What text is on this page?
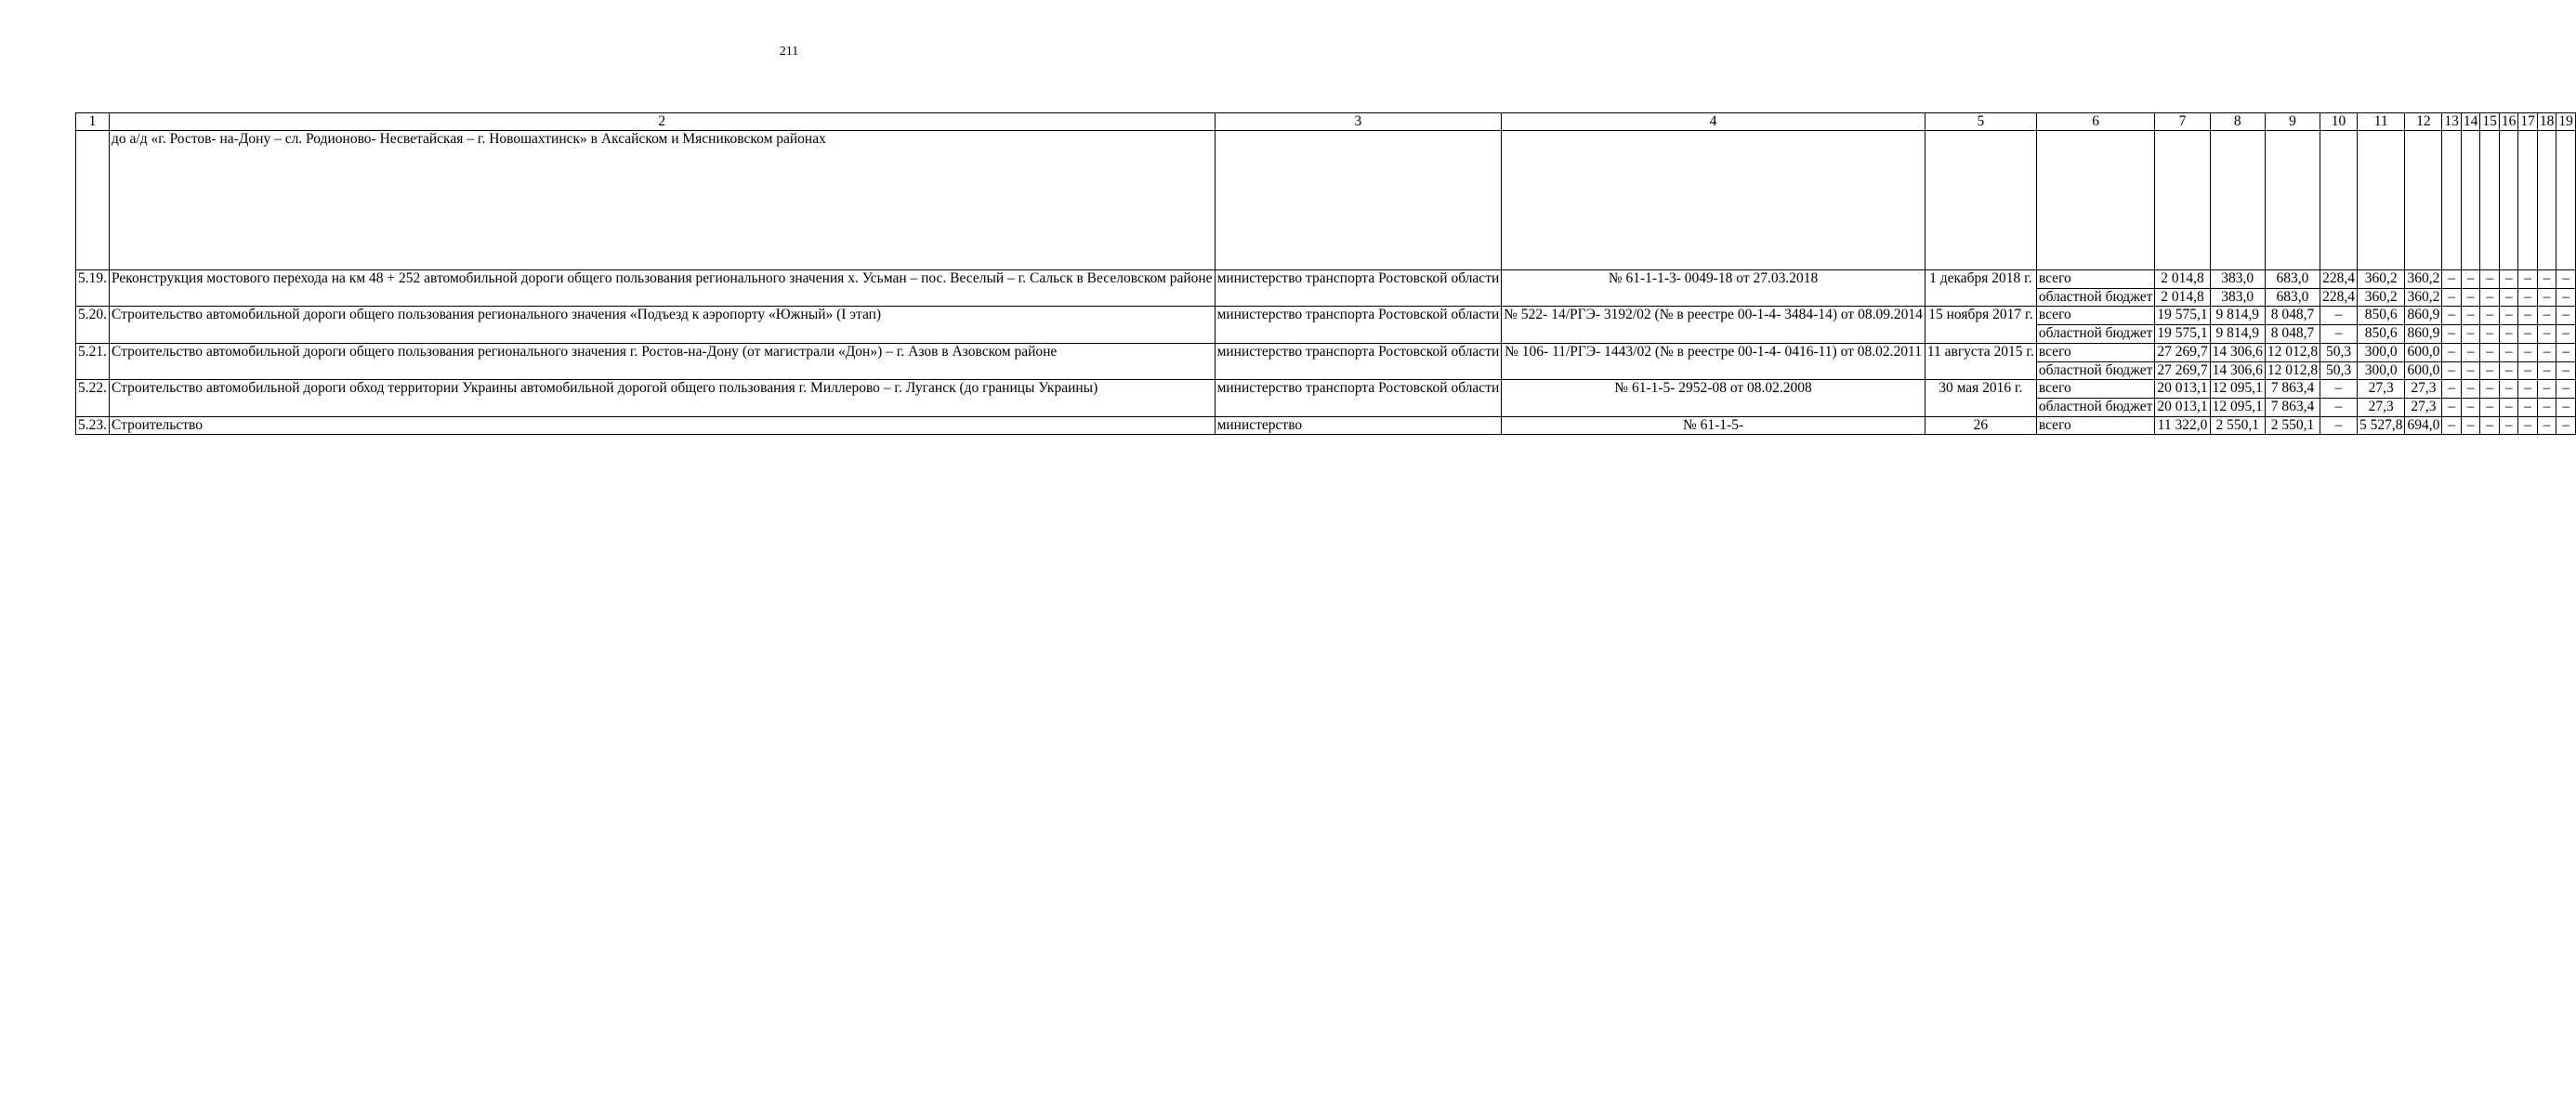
211
1	2	3	4	5	6	7	8	9	10	11	12	13	14	15	16	17	18	19
	до а/д «г. Ростов- на-Дону – сл. Родионово- Несветайская – г. Новошахтинск» в Аксайском и Мясниковском районах																	
5.19.	Реконструкция мостового перехода на км 48 + 252 автомобильной дороги общего пользования регионального значения х. Усьман – пос. Веселый – г. Сальск в Веселовском районе	министерство транспорта Ростовской области	№ 61-1-1-3- 0049-18 от 27.03.2018	1 декабря 2018 г.	всего	2 014,8	383,0	683,0	228,4	360,2	360,2	–	–	–	–	–	–	–
					областной бюджет	2 014,8	383,0	683,0	228,4	360,2	360,2	–	–	–	–	–	–	–
5.20.	Строительство автомобильной дороги общего пользования регионального значения «Подъезд к аэропорту «Южный» (I этап)	министерство транспорта Ростовской области	№ 522- 14/РГЭ- 3192/02 (№ в реестре 00-1-4- 3484-14) от 08.09.2014	15 ноября 2017 г.	всего	19 575,1	9 814,9	8 048,7	–	850,6	860,9	–	–	–	–	–	–	–
					областной бюджет	19 575,1	9 814,9	8 048,7	–	850,6	860,9	–	–	–	–	–	–	–
5.21.	Строительство автомобильной дороги общего пользования регионального значения г. Ростов-на-Дону (от магистрали «Дон») – г. Азов в Азовском районе	министерство транспорта Ростовской области	№ 106- 11/РГЭ- 1443/02 (№ в реестре 00-1-4- 0416-11) от 08.02.2011	11 августа 2015 г.	всего	27 269,7	14 306,6	12 012,8	50,3	300,0	600,0	–	–	–	–	–	–	–
					областной бюджет	27 269,7	14 306,6	12 012,8	50,3	300,0	600,0	–	–	–	–	–	–	–
5.22.	Строительство автомобильной дороги обход территории Украины автомобильной дорогой общего пользования г. Миллерово – г. Луганск (до границы Украины)	министерство транспорта Ростовской области	№ 61-1-5- 2952-08 от 08.02.2008	30 мая 2016 г.	всего	20 013,1	12 095,1	7 863,4	–	27,3	27,3	–	–	–	–	–	–	–
					областной бюджет	20 013,1	12 095,1	7 863,4	–	27,3	27,3	–	–	–	–	–	–	–
5.23.	Строительство	министерство	№ 61-1-5-	26	всего	11 322,0	2 550,1	2 550,1	–	5 527,8	694,0	–	–	–	–	–	–	–
